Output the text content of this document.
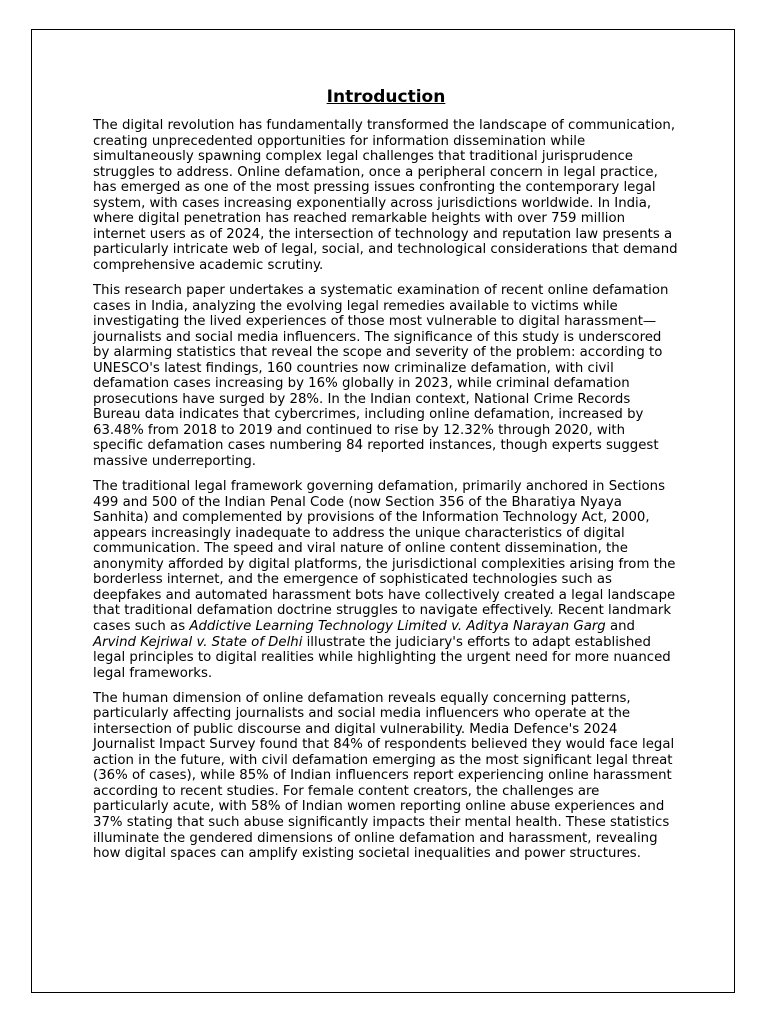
Introduction

The digital revolution has fundamentally transformed the landscape of communication, creating unprecedented opportunities for information dissemination while simultaneously spawning complex legal challenges that traditional jurisprudence struggles to address. Online defamation, once a peripheral concern in legal practice, has emerged as one of the most pressing issues confronting the contemporary legal system, with cases increasing exponentially across jurisdictions worldwide. In India, where digital penetration has reached remarkable heights with over 759 million internet users as of 2024, the intersection of technology and reputation law presents a particularly intricate web of legal, social, and technological considerations that demand comprehensive academic scrutiny.

This research paper undertakes a systematic examination of recent online defamation cases in India, analyzing the evolving legal remedies available to victims while investigating the lived experiences of those most vulnerable to digital harassment—journalists and social media influencers. The significance of this study is underscored by alarming statistics that reveal the scope and severity of the problem: according to UNESCO's latest findings, 160 countries now criminalize defamation, with civil defamation cases increasing by 16% globally in 2023, while criminal defamation prosecutions have surged by 28%. In the Indian context, National Crime Records Bureau data indicates that cybercrimes, including online defamation, increased by 63.48% from 2018 to 2019 and continued to rise by 12.32% through 2020, with specific defamation cases numbering 84 reported instances, though experts suggest massive underreporting.

The traditional legal framework governing defamation, primarily anchored in Sections 499 and 500 of the Indian Penal Code (now Section 356 of the Bharatiya Nyaya Sanhita) and complemented by provisions of the Information Technology Act, 2000, appears increasingly inadequate to address the unique characteristics of digital communication. The speed and viral nature of online content dissemination, the anonymity afforded by digital platforms, the jurisdictional complexities arising from the borderless internet, and the emergence of sophisticated technologies such as deepfakes and automated harassment bots have collectively created a legal landscape that traditional defamation doctrine struggles to navigate effectively. Recent landmark cases such as Addictive Learning Technology Limited v. Aditya Narayan Garg and Arvind Kejriwal v. State of Delhi illustrate the judiciary's efforts to adapt established legal principles to digital realities while highlighting the urgent need for more nuanced legal frameworks.

The human dimension of online defamation reveals equally concerning patterns, particularly affecting journalists and social media influencers who operate at the intersection of public discourse and digital vulnerability. Media Defence's 2024 Journalist Impact Survey found that 84% of respondents believed they would face legal action in the future, with civil defamation emerging as the most significant legal threat (36% of cases), while 85% of Indian influencers report experiencing online harassment according to recent studies. For female content creators, the challenges are particularly acute, with 58% of Indian women reporting online abuse experiences and 37% stating that such abuse significantly impacts their mental health. These statistics illuminate the gendered dimensions of online defamation and harassment, revealing how digital spaces can amplify existing societal inequalities and power structures.
